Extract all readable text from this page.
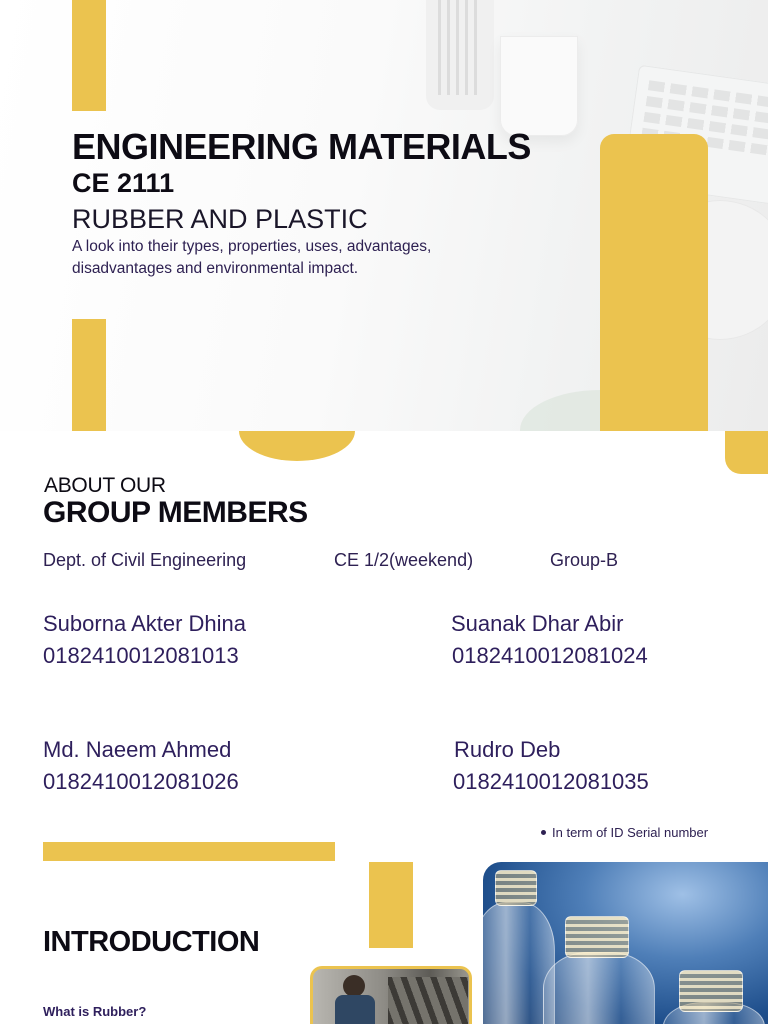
ENGINEERING MATERIALS
CE 2111
RUBBER AND PLASTIC
A look into their types, properties, uses, advantages, disadvantages and environmental impact.
ABOUT OUR
GROUP MEMBERS
Dept. of Civil Engineering	CE 1/2(weekend)	Group-B
Suborna Akter Dhina
0182410012081013
Suanak Dhar Abir
0182410012081024
Md. Naeem Ahmed
0182410012081026
Rudro Deb
0182410012081035
In term of ID Serial number
INTRODUCTION
What is Rubber?
